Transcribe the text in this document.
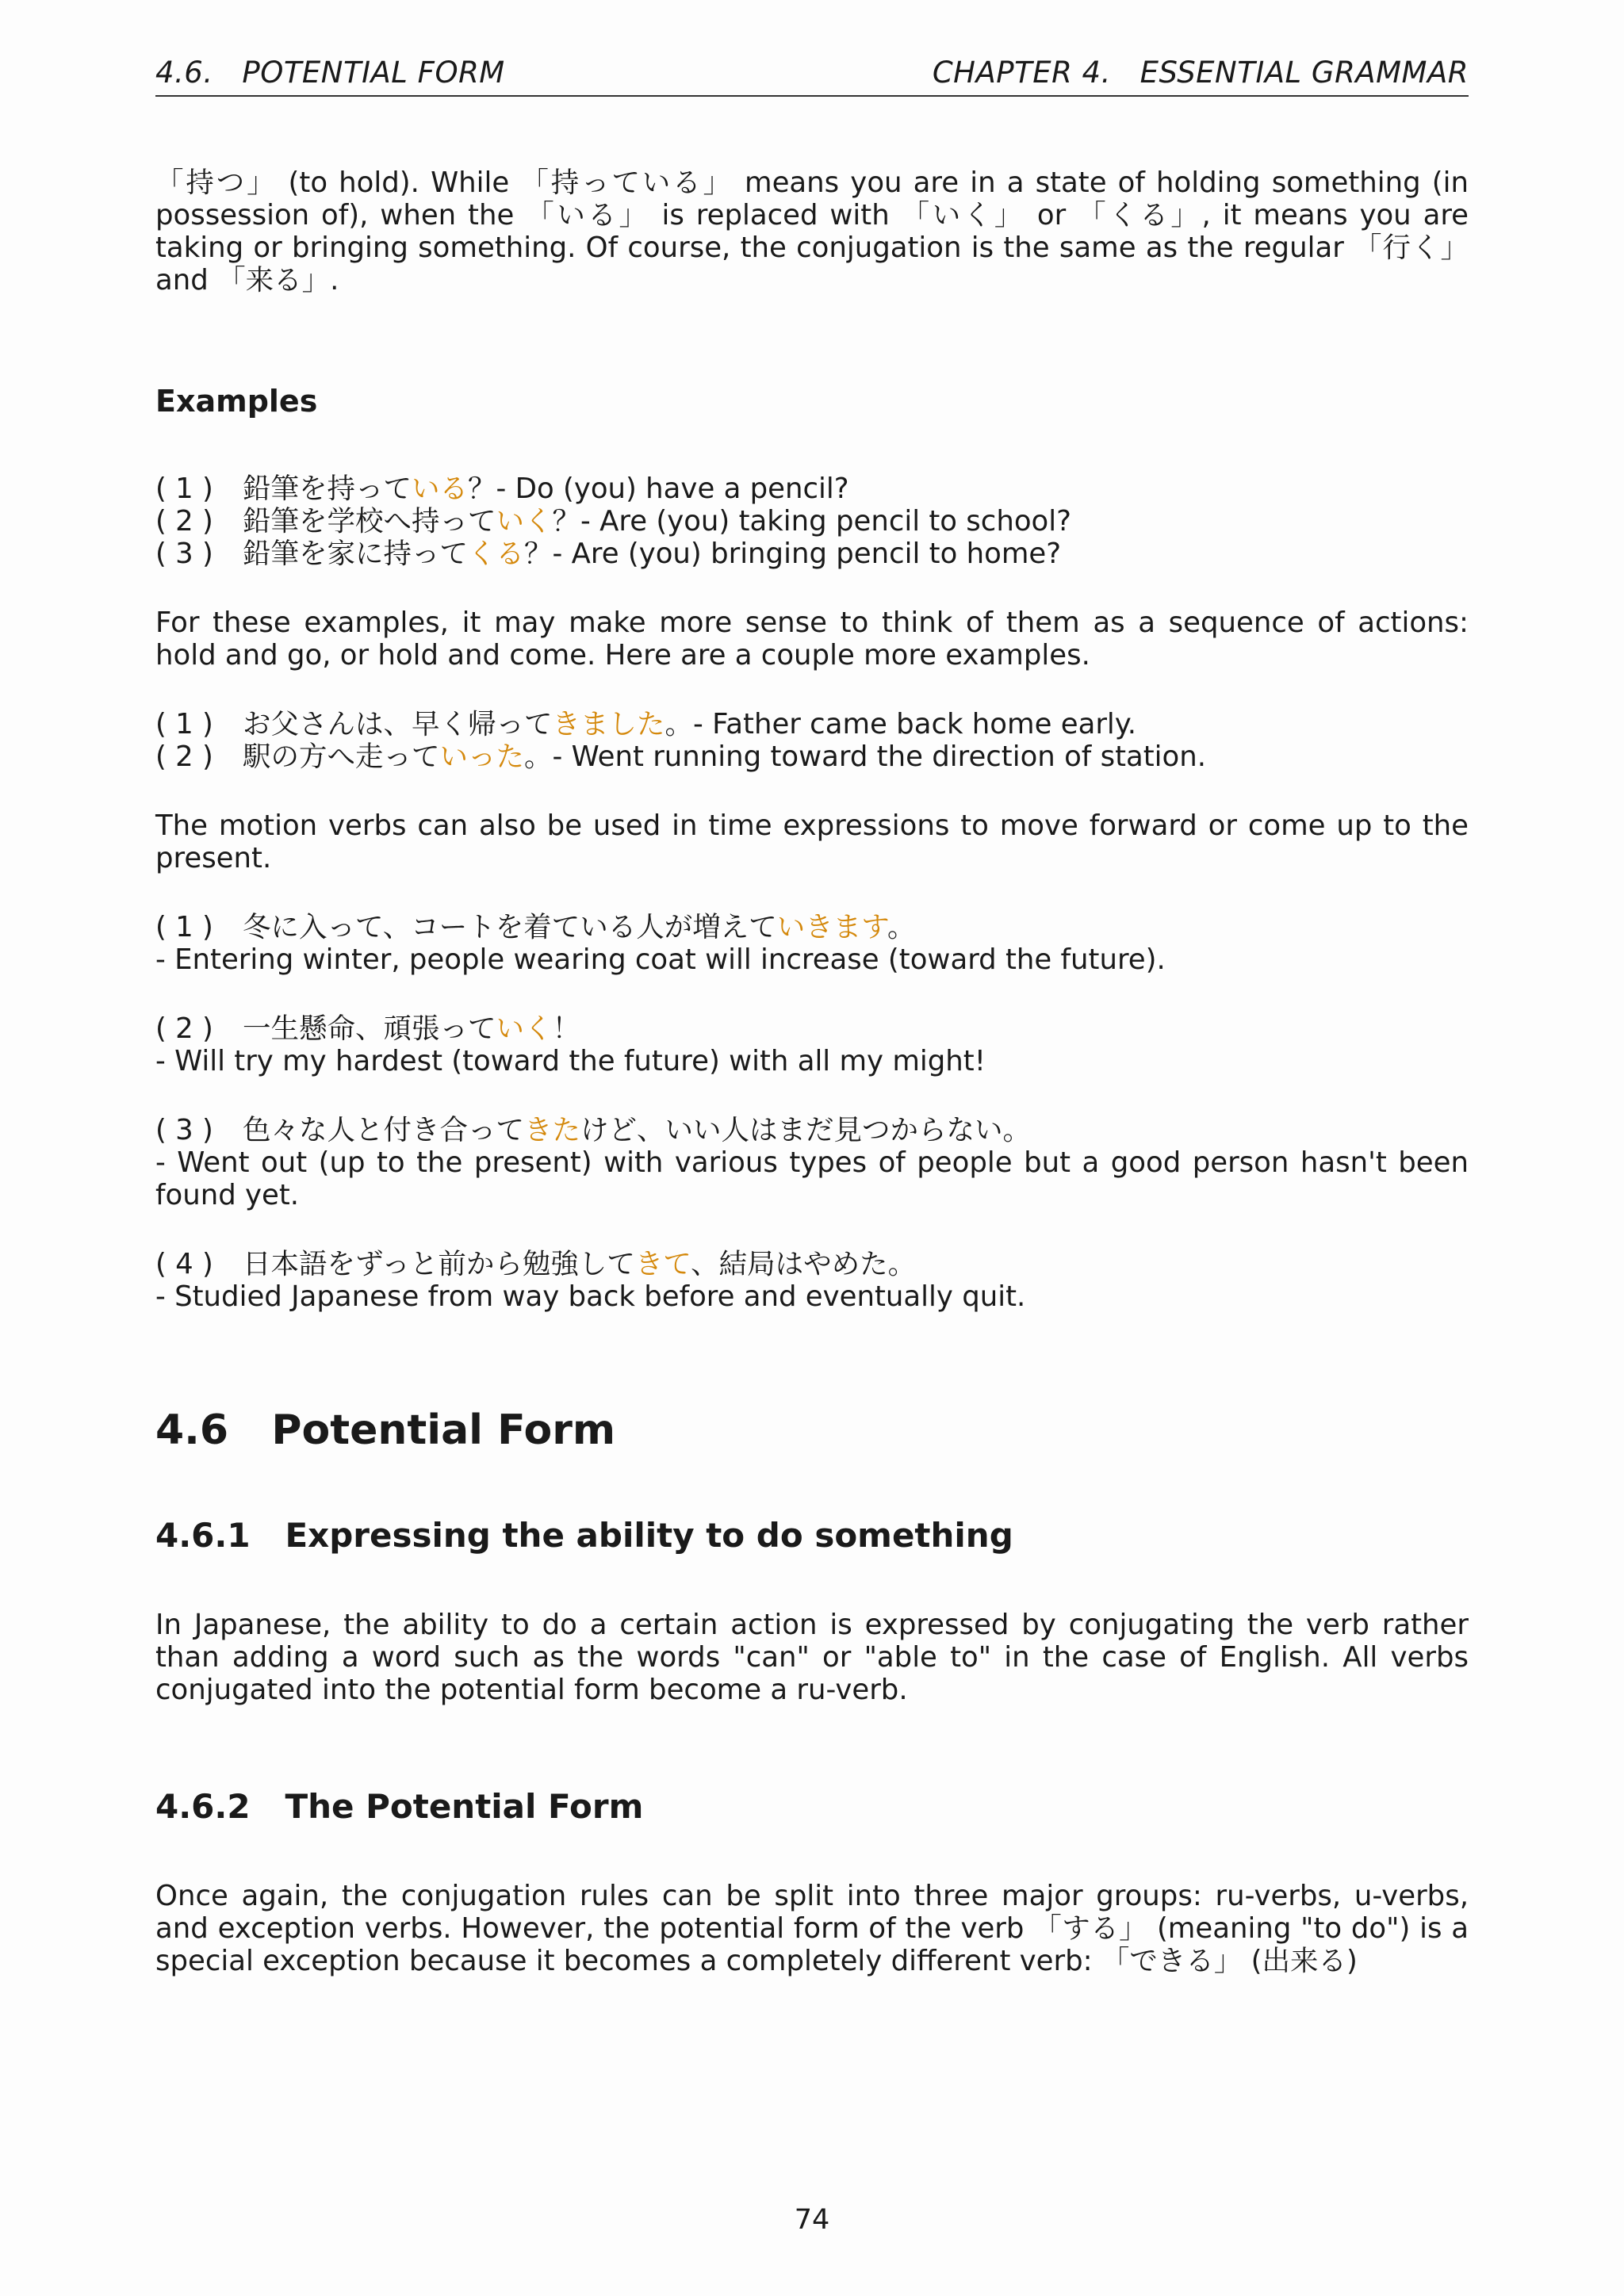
4.6.   POTENTIAL FORM	CHAPTER 4.   ESSENTIAL GRAMMAR

「持つ」 (to hold). While 「持っている」 means you are in a state of holding something (in possession of), when the 「いる」 is replaced with 「いく」 or 「くる」, it means you are taking or bringing something. Of course, the conjugation is the same as the regular 「行く」 and 「来る」.

Examples
( 1 ) 鉛筆を持っている？- Do (you) have a pencil?
( 2 ) 鉛筆を学校へ持っていく？- Are (you) taking pencil to school?
( 3 ) 鉛筆を家に持ってくる？- Are (you) bringing pencil to home?

For these examples, it may make more sense to think of them as a sequence of actions: hold and go, or hold and come. Here are a couple more examples.

( 1 ) お父さんは、早く帰ってきました。- Father came back home early.
( 2 ) 駅の方へ走っていった。- Went running toward the direction of station.

The motion verbs can also be used in time expressions to move forward or come up to the present.

( 1 ) 冬に入って、コートを着ている人が増えていきます。

- Entering winter, people wearing coat will increase (toward the future).

( 2 ) 一生懸命、頑張っていく！

- Will try my hardest (toward the future) with all my might!

( 3 ) 色々な人と付き合ってきたけど、いい人はまだ見つからない。

- Went out (up to the present) with various types of people but a good person hasn't been found yet.

( 4 ) 日本語をずっと前から勉強してきて、結局はやめた。

- Studied Japanese from way back before and eventually quit.

4.6   Potential Form
4.6.1   Expressing the ability to do something

In Japanese, the ability to do a certain action is expressed by conjugating the verb rather than adding a word such as the words "can" or "able to" in the case of English. All verbs conjugated into the potential form become a ru-verb.

4.6.2   The Potential Form

Once again, the conjugation rules can be split into three major groups: ru-verbs, u-verbs, and exception verbs. However, the potential form of the verb 「する」 (meaning "to do") is a special exception because it becomes a completely different verb: 「できる」 (出来る)

74
